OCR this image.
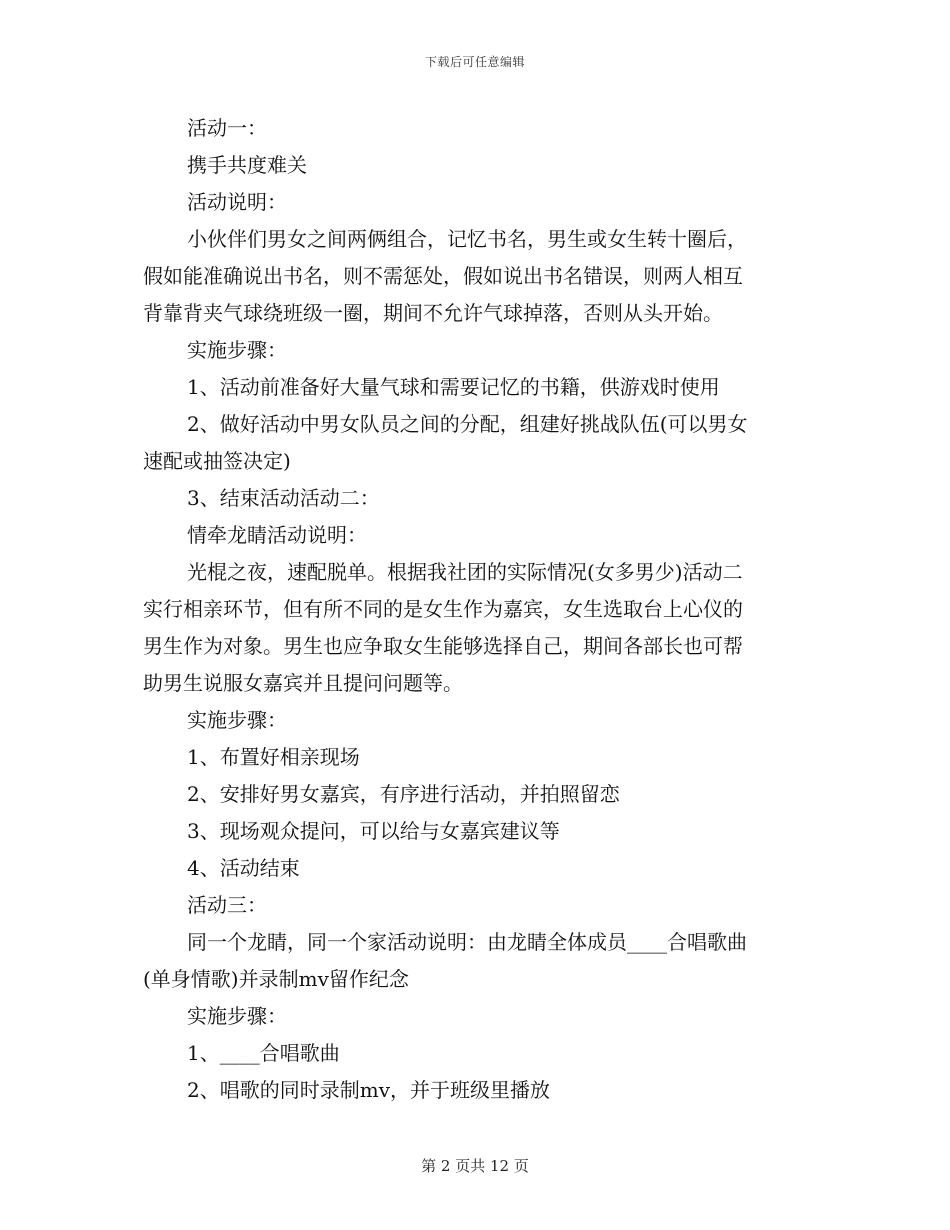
下载后可任意编辑

活动一：

携手共度难关

活动说明：

小伙伴们男女之间两俩组合，记忆书名，男生或女生转十圈后，

假如能准确说出书名，则不需惩处，假如说出书名错误，则两人相互

背靠背夹气球绕班级一圈，期间不允许气球掉落，否则从头开始。

实施步骤：

1、活动前准备好大量气球和需要记忆的书籍，供游戏时使用

2、做好活动中男女队员之间的分配，组建好挑战队伍(可以男女

速配或抽签决定)

3、结束活动活动二：

情牵龙睛活动说明：

光棍之夜，速配脱单。根据我社团的实际情况(女多男少)活动二

实行相亲环节，但有所不同的是女生作为嘉宾，女生选取台上心仪的

男生作为对象。男生也应争取女生能够选择自己，期间各部长也可帮

助男生说服女嘉宾并且提问问题等。

实施步骤：

1、布置好相亲现场

2、安排好男女嘉宾，有序进行活动，并拍照留恋

3、现场观众提问，可以给与女嘉宾建议等

4、活动结束

活动三：

同一个龙睛，同一个家活动说明：由龙睛全体成员____合唱歌曲

(单身情歌)并录制mv留作纪念

实施步骤：

1、____合唱歌曲

2、唱歌的同时录制mv，并于班级里播放

第 2 页共 12 页
